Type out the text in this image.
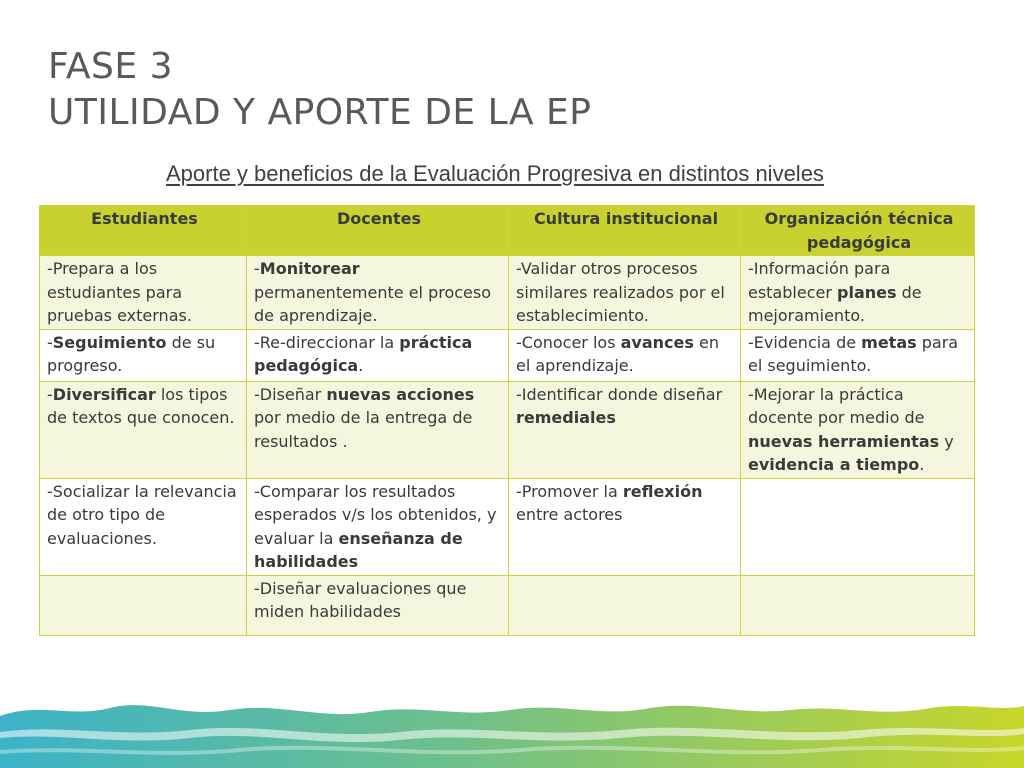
FASE 3
UTILIDAD Y APORTE DE LA EP

Aporte y beneficios de la Evaluación Progresiva en distintos niveles

Estudiantes	Docentes	Cultura institucional	Organización técnica pedagógica
-Prepara a los estudiantes para pruebas externas.	-Monitorear permanentemente el proceso de aprendizaje.	-Validar otros procesos similares realizados por el establecimiento.	-Información para establecer planes de mejoramiento.
-Seguimiento de su progreso.	-Re-direccionar la práctica pedagógica.	-Conocer los avances en el aprendizaje.	-Evidencia de metas para el seguimiento.
-Diversificar los tipos de textos que conocen.	-Diseñar nuevas acciones por medio de la entrega de resultados .	-Identificar donde diseñar remediales	-Mejorar la práctica docente por medio de nuevas herramientas y evidencia a tiempo.
-Socializar la relevancia de otro tipo de evaluaciones.	-Comparar los resultados esperados v/s los obtenidos, y evaluar la enseñanza de habilidades	-Promover la reflexión entre actores	
	-Diseñar evaluaciones que miden habilidades		
